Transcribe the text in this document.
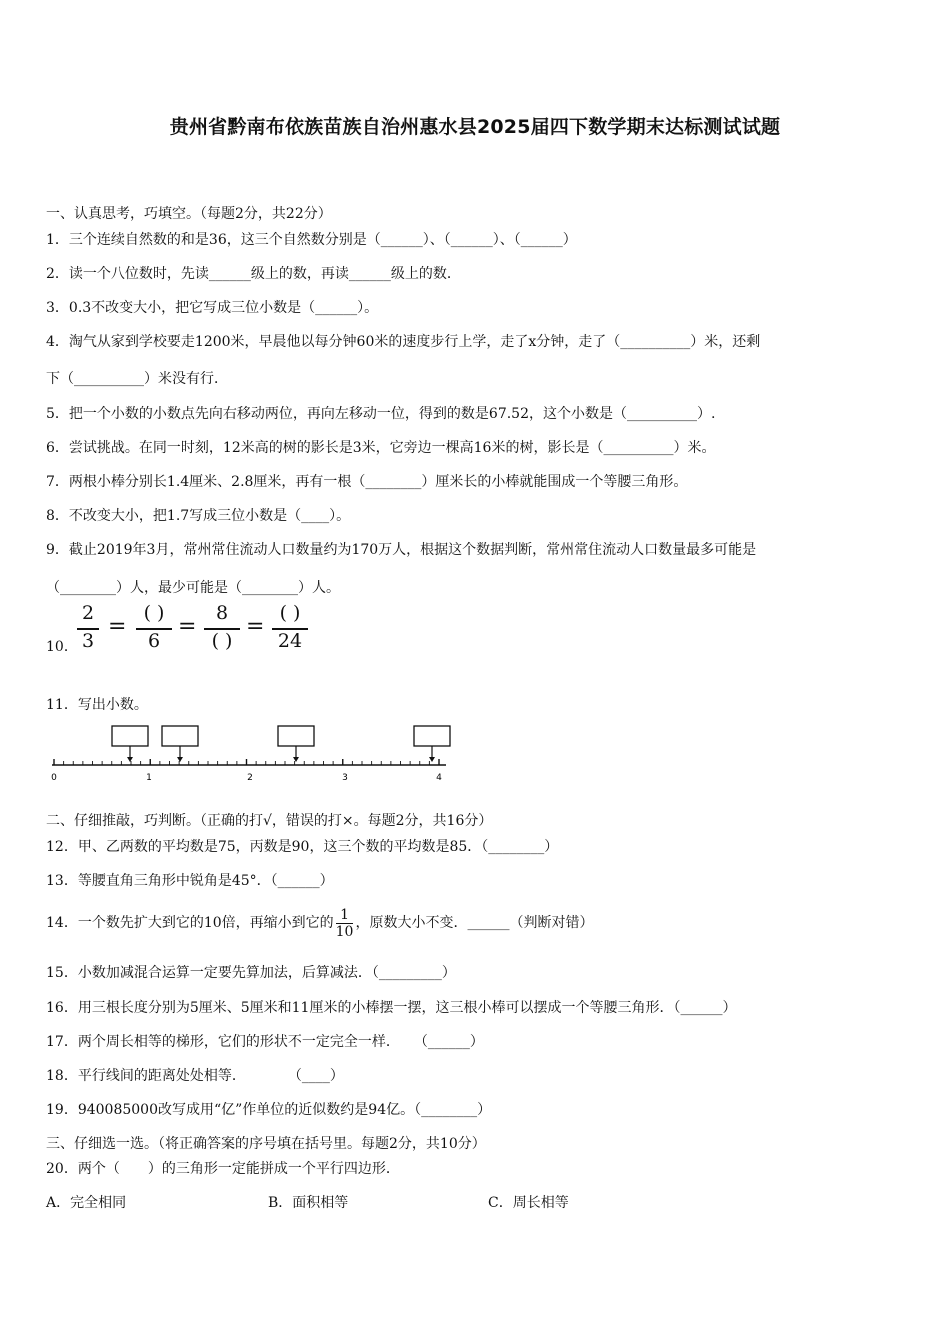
贵州省黔南布依族苗族自治州惠水县2025届四下数学期末达标测试试题
一、认真思考，巧填空。（每题2分，共22分）
1．三个连续自然数的和是36，这三个自然数分别是（______）、（______）、（______）
2．读一个八位数时，先读______级上的数，再读______级上的数．
3．0.3不改变大小，把它写成三位小数是（______）。
4．淘气从家到学校要走1200米，早晨他以每分钟60米的速度步行上学，走了x分钟，走了（__________）米，还剩
下（__________）米没有行．
5．把一个小数的小数点先向右移动两位，再向左移动一位，得到的数是67.52，这个小数是（__________）.
6．尝试挑战。在同一时刻，12米高的树的影长是3米，它旁边一棵高16米的树，影长是（__________）米。
7．两根小棒分别长1.4厘米、2.8厘米，再有一根（________）厘米长的小棒就能围成一个等腰三角形。
8．不改变大小，把1.7写成三位小数是（____）。
9．截止2019年3月，常州常住流动人口数量约为170万人，根据这个数据判断，常州常住流动人口数量最多可能是
（________）人，最少可能是（________）人。
10．
2
3
=
( )
6
=
8
( )
=
( )
24
11．写出小数。
0	1	2	3	4
二、仔细推敲，巧判断。（正确的打√，错误的打×。每题2分，共16分）
12．甲、乙两数的平均数是75，丙数是90，这三个数的平均数是85．（________）
13．等腰直角三角形中锐角是45°．（______）
14．一个数先扩大到它的10倍，再缩小到它的 $\frac{1}{10}$ ，原数大小不变．______（判断对错）
15．小数加减混合运算一定要先算加法，后算减法．（_________）
16．用三根长度分别为5厘米、5厘米和11厘米的小棒摆一摆，这三根小棒可以摆成一个等腰三角形．（______）
17．两个周长相等的梯形，它们的形状不一定完全一样．　　（______）
18．平行线间的距离处处相等．　　　　（____）
19．940085000改写成用“亿”作单位的近似数约是94亿。（________）
三、仔细选一选。（将正确答案的序号填在括号里。每题2分，共10分）
20．两个（　　）的三角形一定能拼成一个平行四边形．
A．完全相同	B．面积相等	C．周长相等
